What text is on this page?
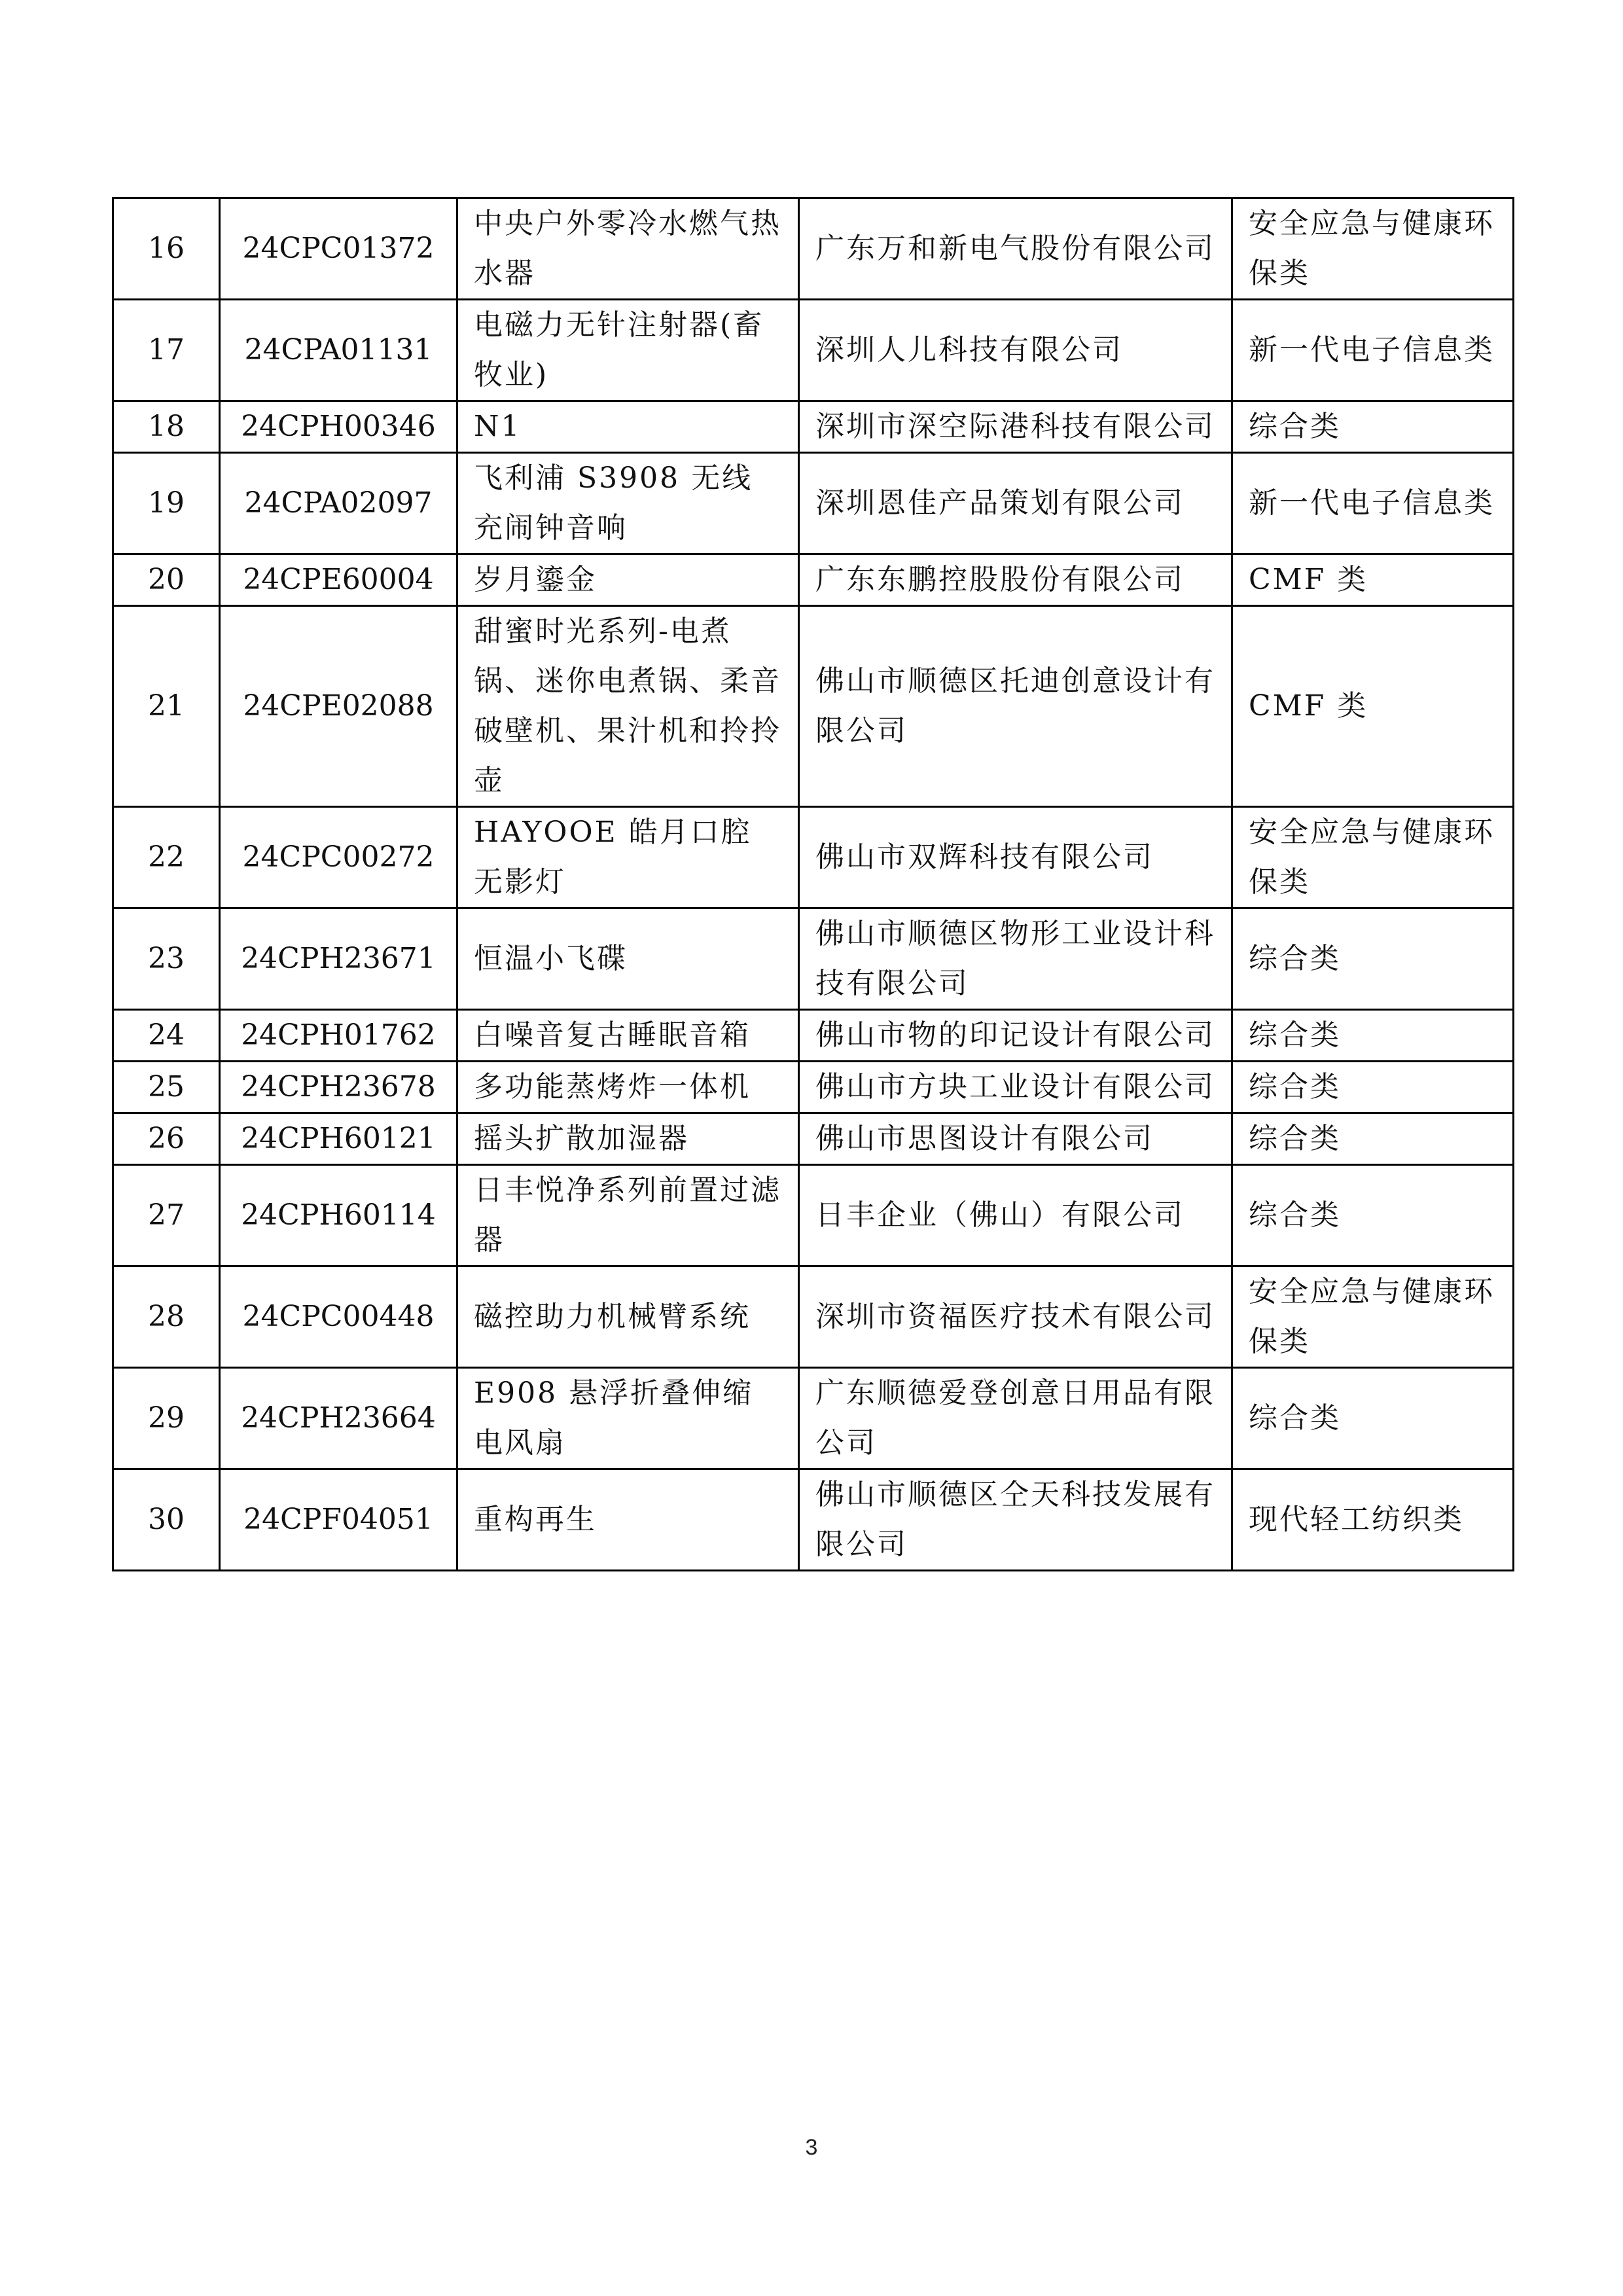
16	24CPC01372	中央户外零冷水燃气热水器	广东万和新电气股份有限公司	安全应急与健康环保类
17	24CPA01131	电磁力无针注射器(畜牧业)	深圳人儿科技有限公司	新一代电子信息类
18	24CPH00346	N1	深圳市深空际港科技有限公司	综合类
19	24CPA02097	飞利浦 S3908 无线充闹钟音响	深圳恩佳产品策划有限公司	新一代电子信息类
20	24CPE60004	岁月鎏金	广东东鹏控股股份有限公司	CMF 类
21	24CPE02088	甜蜜时光系列-电煮锅、迷你电煮锅、柔音破壁机、果汁机和拎拎壶	佛山市顺德区托迪创意设计有限公司	CMF 类
22	24CPC00272	HAYOOE 皓月口腔无影灯	佛山市双辉科技有限公司	安全应急与健康环保类
23	24CPH23671	恒温小飞碟	佛山市顺德区物形工业设计科技有限公司	综合类
24	24CPH01762	白噪音复古睡眠音箱	佛山市物的印记设计有限公司	综合类
25	24CPH23678	多功能蒸烤炸一体机	佛山市方块工业设计有限公司	综合类
26	24CPH60121	摇头扩散加湿器	佛山市思图设计有限公司	综合类
27	24CPH60114	日丰悦净系列前置过滤器	日丰企业（佛山）有限公司	综合类
28	24CPC00448	磁控助力机械臂系统	深圳市资福医疗技术有限公司	安全应急与健康环保类
29	24CPH23664	E908 悬浮折叠伸缩电风扇	广东顺德爱登创意日用品有限公司	综合类
30	24CPF04051	重构再生	佛山市顺德区仝天科技发展有限公司	现代轻工纺织类
3
